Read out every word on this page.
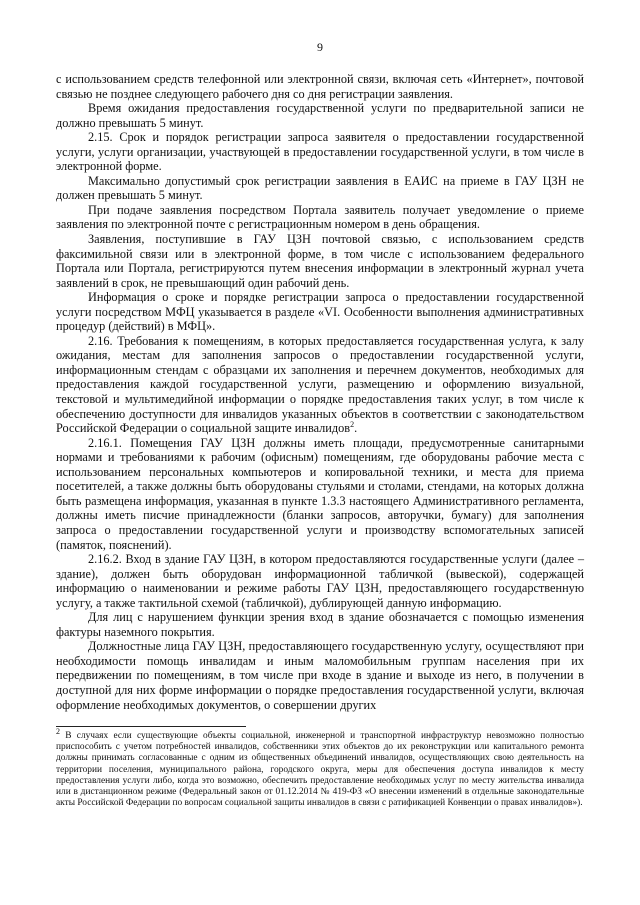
9

с использованием средств телефонной или электронной связи, включая сеть «Интернет», почтовой связью не позднее следующего рабочего дня со дня регистрации заявления.

Время ожидания предоставления государственной услуги по предварительной записи не должно превышать 5 минут.

2.15. Срок и порядок регистрации запроса заявителя о предоставлении государственной услуги, услуги организации, участвующей в предоставлении государственной услуги, в том числе в электронной форме.

Максимально допустимый срок регистрации заявления в ЕАИС на приеме в ГАУ ЦЗН не должен превышать 5 минут.

При подаче заявления посредством Портала заявитель получает уведомление о приеме заявления по электронной почте с регистрационным номером в день обращения.

Заявления, поступившие в ГАУ ЦЗН почтовой связью, с использованием средств факсимильной связи или в электронной форме, в том числе с использованием федерального Портала или Портала, регистрируются путем внесения информации в электронный журнал учета заявлений в срок, не превышающий один рабочий день.

Информация о сроке и порядке регистрации запроса о предоставлении государственной услуги посредством МФЦ указывается в разделе «VI. Особенности выполнения административных процедур (действий) в МФЦ».

2.16. Требования к помещениям, в которых предоставляется государственная услуга, к залу ожидания, местам для заполнения запросов о предоставлении государственной услуги, информационным стендам с образцами их заполнения и перечнем документов, необходимых для предоставления каждой государственной услуги, размещению и оформлению визуальной, текстовой и мультимедийной информации о порядке предоставления таких услуг, в том числе к обеспечению доступности для инвалидов указанных объектов в соответствии с законодательством Российской Федерации о социальной защите инвалидов$^2$.

2.16.1. Помещения ГАУ ЦЗН должны иметь площади, предусмотренные санитарными нормами и требованиями к рабочим (офисным) помещениям, где оборудованы рабочие места с использованием персональных компьютеров и копировальной техники, и места для приема посетителей, а также должны быть оборудованы стульями и столами, стендами, на которых должна быть размещена информация, указанная в пункте 1.3.3 настоящего Административного регламента, должны иметь писчие принадлежности (бланки запросов, авторучки, бумагу) для заполнения запроса о предоставлении государственной услуги и производству вспомогательных записей (памяток, пояснений).

2.16.2. Вход в здание ГАУ ЦЗН, в котором предоставляются государственные услуги (далее – здание), должен быть оборудован информационной табличкой (вывеской), содержащей информацию о наименовании и режиме работы ГАУ ЦЗН, предоставляющего государственную услугу, а также тактильной схемой (табличкой), дублирующей данную информацию.

Для лиц с нарушением функции зрения вход в здание обозначается с помощью изменения фактуры наземного покрытия.

Должностные лица ГАУ ЦЗН, предоставляющего государственную услугу, осуществляют при необходимости помощь инвалидам и иным маломобильным группам населения при их передвижении по помещениям, в том числе при входе в здание и выходе из него, в получении в доступной для них форме информации о порядке предоставления государственной услуги, включая оформление необходимых документов, о совершении других

$^2$ В случаях если существующие объекты социальной, инженерной и транспортной инфраструктур невозможно полностью приспособить с учетом потребностей инвалидов, собственники этих объектов до их реконструкции или капитального ремонта должны принимать согласованные с одним из общественных объединений инвалидов, осуществляющих свою деятельность на территории поселения, муниципального района, городского округа, меры для обеспечения доступа инвалидов к месту предоставления услуги либо, когда это возможно, обеспечить предоставление необходимых услуг по месту жительства инвалида или в дистанционном режиме (Федеральный закон от 01.12.2014 № 419-ФЗ «О внесении изменений в отдельные законодательные акты Российской Федерации по вопросам социальной защиты инвалидов в связи с ратификацией Конвенции о правах инвалидов»).
